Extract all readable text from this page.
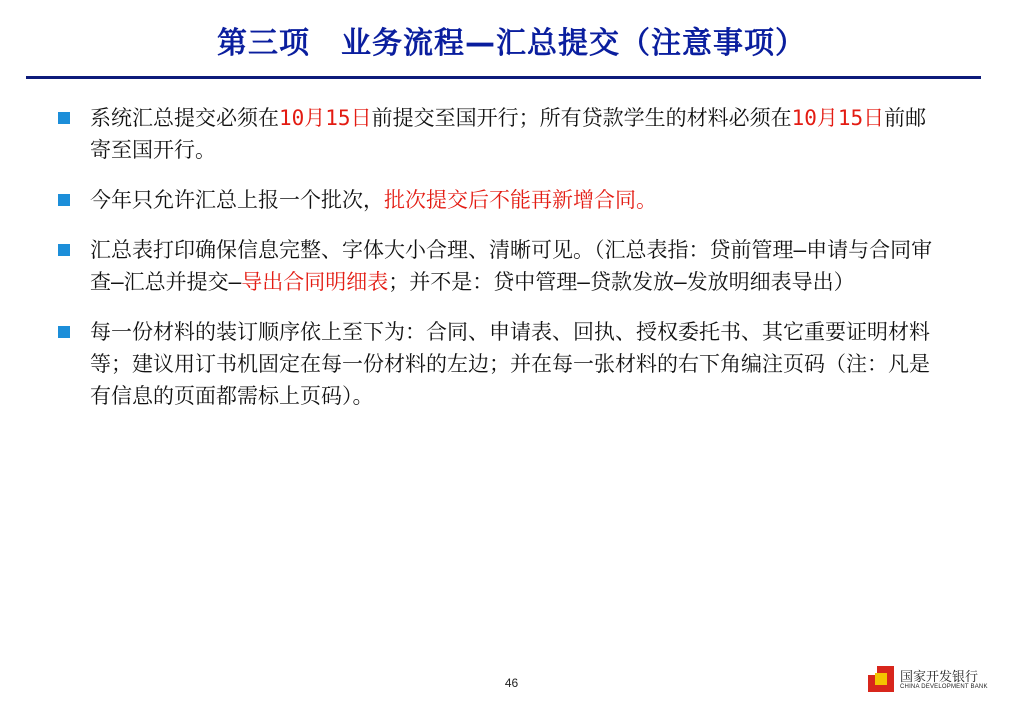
第三项　业务流程—汇总提交（注意事项）
系统汇总提交必须在10月15日前提交至国开行；所有贷款学生的材料必须在10月15日前邮寄至国开行。
今年只允许汇总上报一个批次，批次提交后不能再新增合同。
汇总表打印确保信息完整、字体大小合理、清晰可见。（汇总表指：贷前管理—申请与合同审查—汇总并提交—导出合同明细表；并不是：贷中管理—贷款发放—发放明细表导出）
每一份材料的装订顺序依上至下为：合同、申请表、回执、授权委托书、其它重要证明材料等；建议用订书机固定在每一份材料的左边；并在每一张材料的右下角编注页码（注：凡是有信息的页面都需标上页码）。
46	国家开发银行
CHINA DEVELOPMENT BANK
